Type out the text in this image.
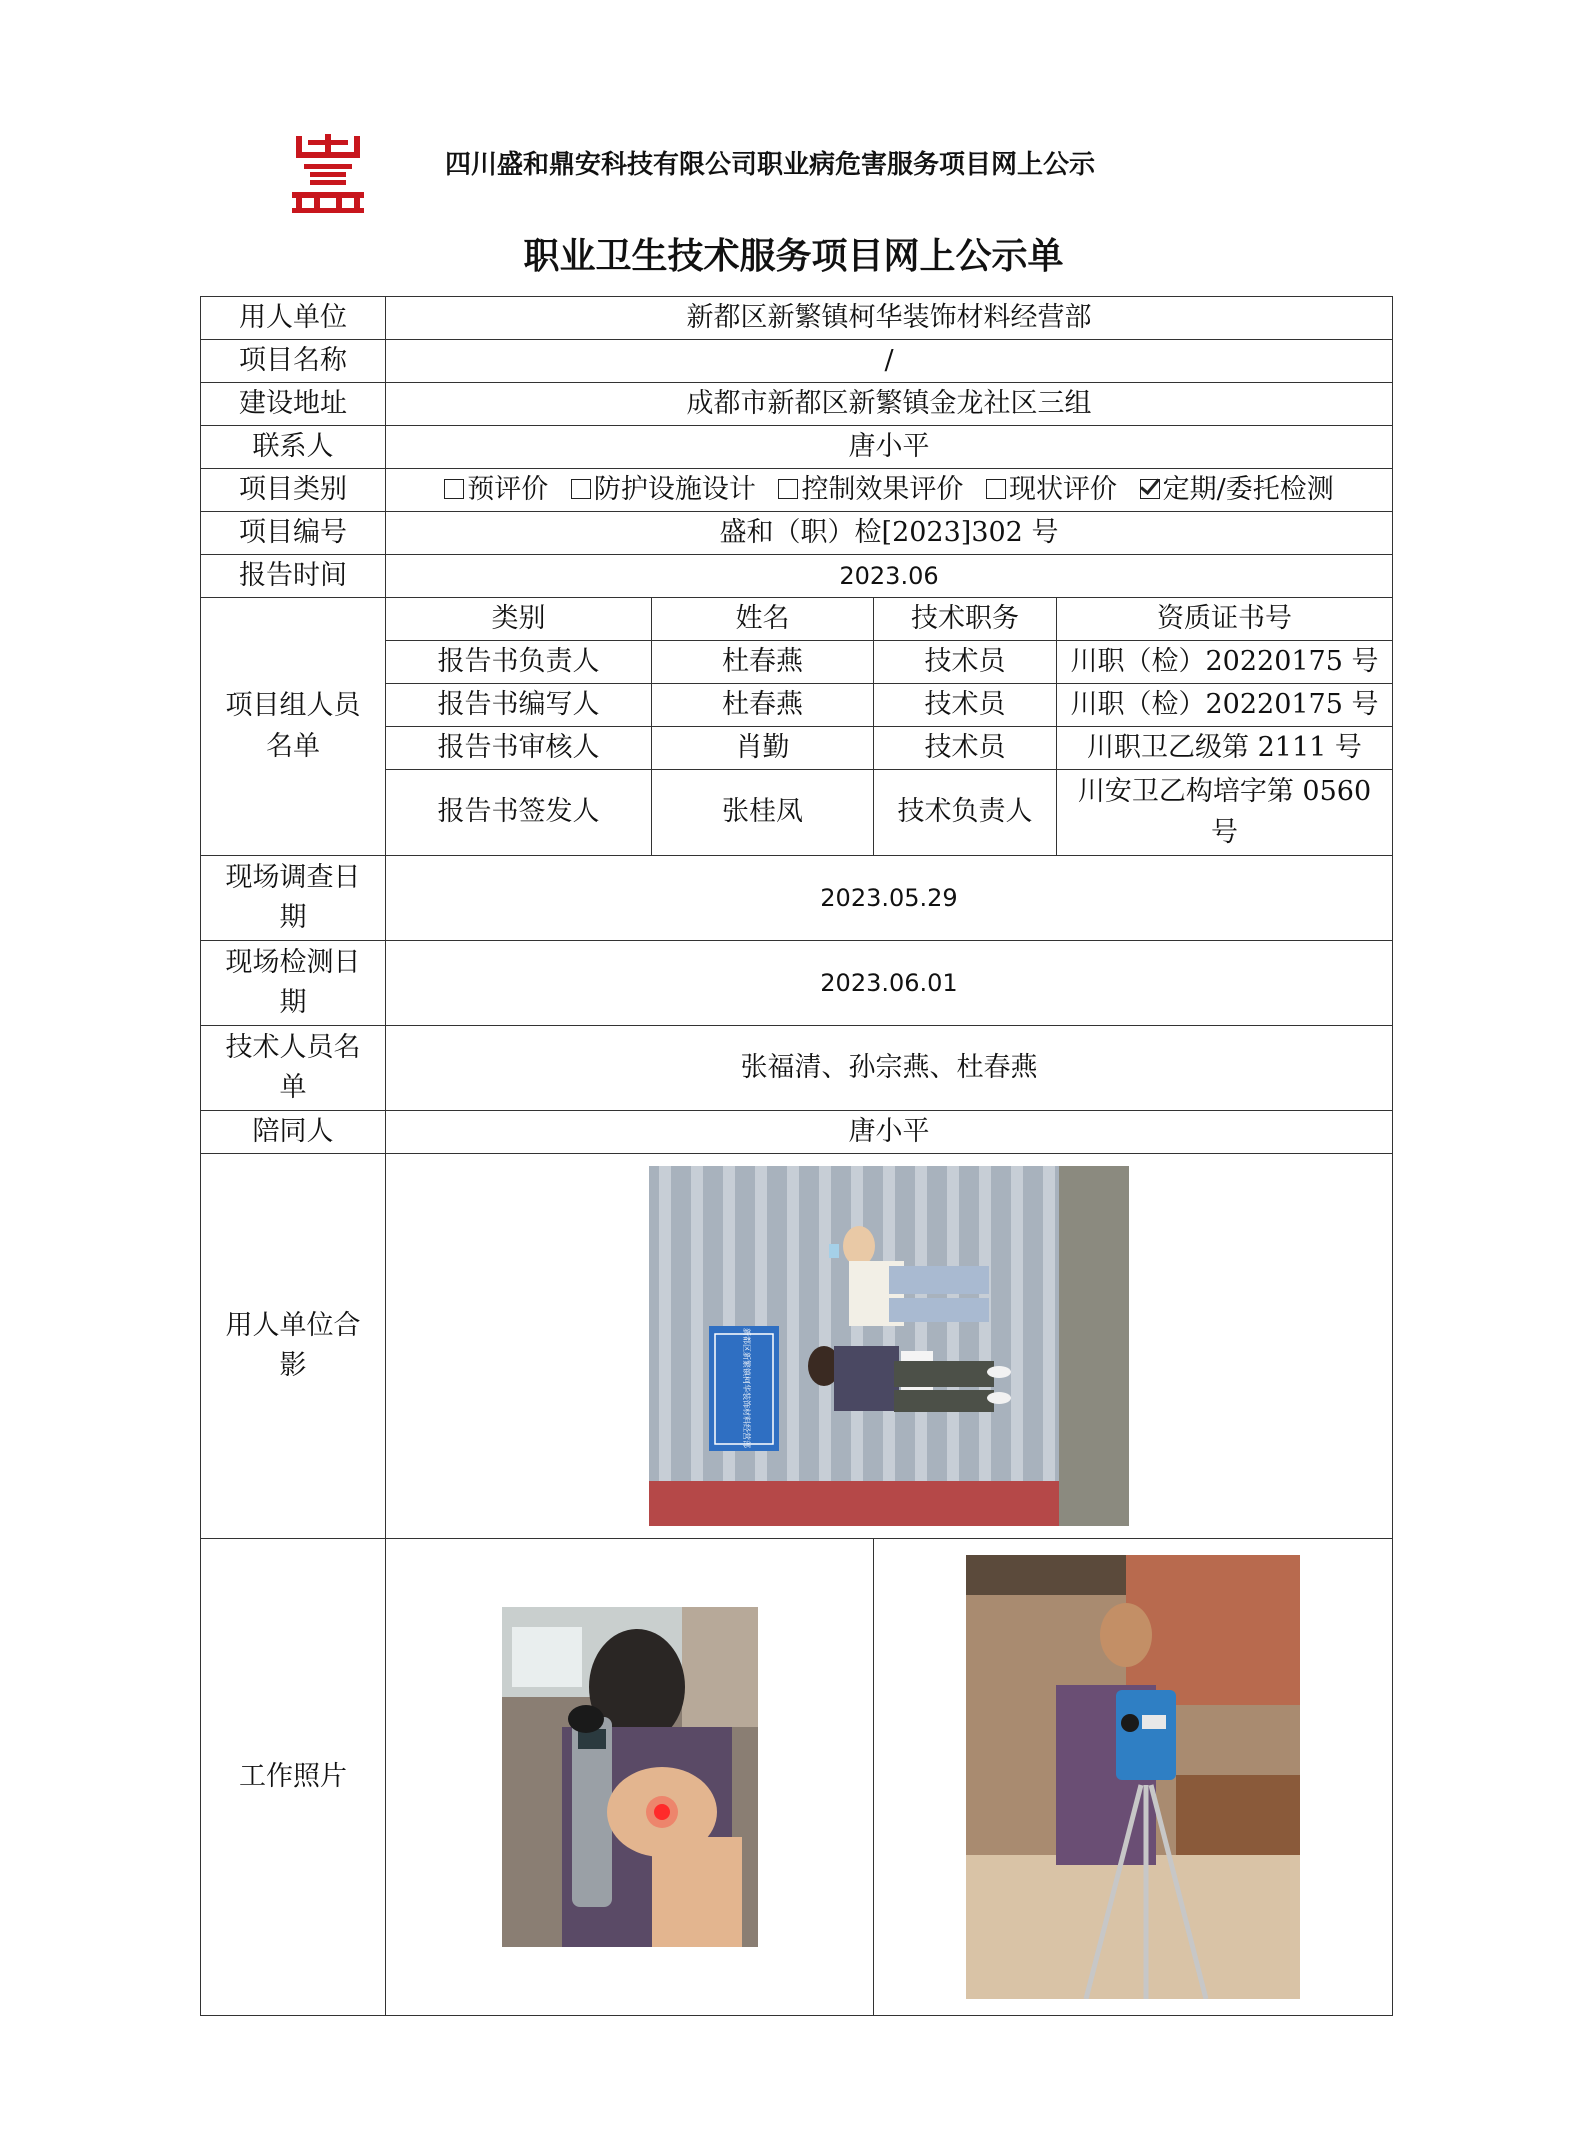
四川盛和鼎安科技有限公司职业病危害服务项目网上公示
职业卫生技术服务项目网上公示单
用人单位	新都区新繁镇柯华装饰材料经营部			
项目名称	/			
建设地址	成都市新都区新繁镇金龙社区三组			
联系人	唐小平			
项目类别	预评价 防护设施设计 控制效果评价 现状评价 定期/委托检测			
项目编号	盛和（职）检[2023]302 号			
报告时间	2023.06			

项目组人员名单	类别	姓名	技术职务	资质证书号
	报告书负责人	杜春燕	技术员	川职（检）20220175 号
	报告书编写人	杜春燕	技术员	川职（检）20220175 号
	报告书审核人	肖勤	技术员	川职卫乙级第 2111 号
	报告书签发人	张桂凤	技术负责人	川安卫乙构培字第 0560 号

现场调查日期	2023.05.29			

现场检测日期	2023.06.01			

技术人员名单	张福清、孙宗燕、杜春燕			
陪同人	唐小平			

用人单位合影	新都区新繁镇柯华装饰材料经营部			

工作照片	
